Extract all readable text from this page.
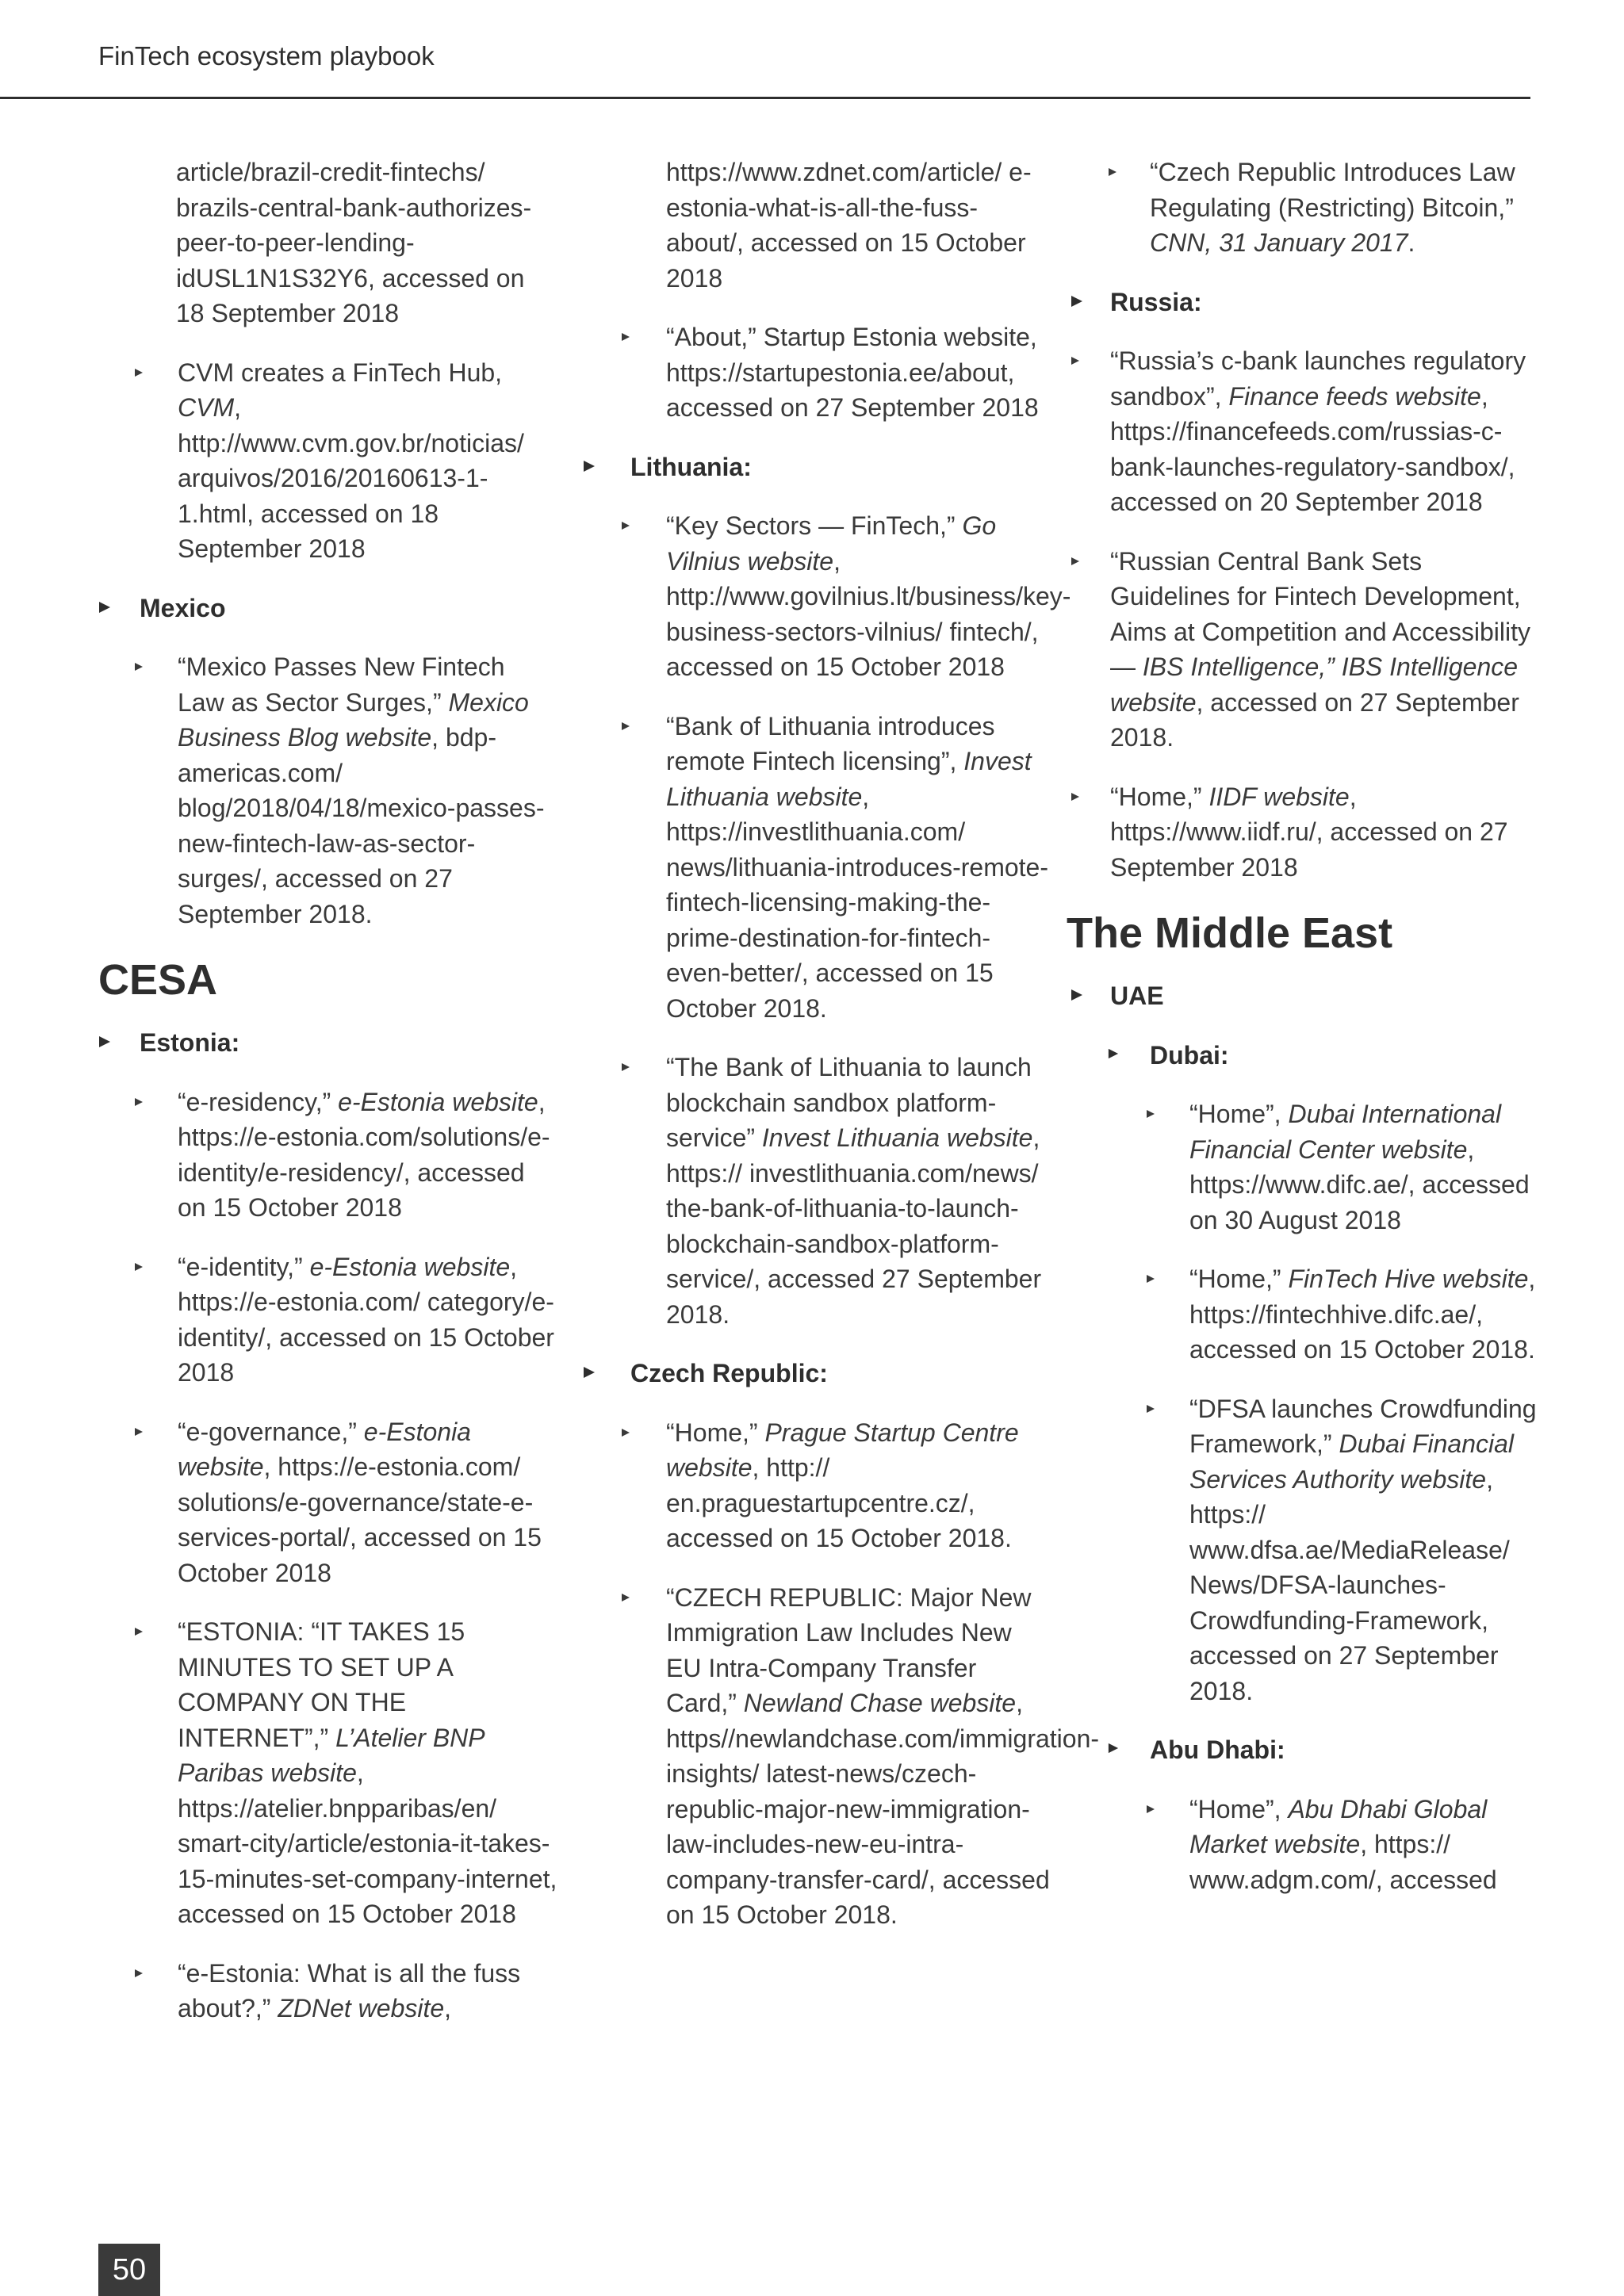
FinTech ecosystem playbook
article/brazil-credit-fintechs/ brazils-central-bank-authorizes-peer-to-peer-lending-idUSL1N1S32Y6, accessed on 18 September 2018
CVM creates a FinTech Hub, CVM, http://www.cvm.gov.br/noticias/ arquivos/2016/20160613-1-1.html, accessed on 18 September 2018
Mexico
“Mexico Passes New Fintech Law as Sector Surges,” Mexico Business Blog website, bdp-americas.com/ blog/2018/04/18/mexico-passes-new-fintech-law-as-sector-surges/, accessed on 27 September 2018.
CESA
Estonia:
“e-residency,” e-Estonia website, https://e-estonia.com/solutions/e-identity/e-residency/, accessed on 15 October 2018
“e-identity,” e-Estonia website, https://e-estonia.com/ category/e-identity/, accessed on 15 October 2018
“e-governance,” e-Estonia website, https://e-estonia.com/ solutions/e-governance/state-e-services-portal/, accessed on 15 October 2018
“ESTONIA: “IT TAKES 15 MINUTES TO SET UP A COMPANY ON THE INTERNET”,” L’Atelier BNP Paribas website, https://atelier.bnpparibas/en/ smart-city/article/estonia-it-takes-15-minutes-set-company-internet, accessed on 15 October 2018
“e-Estonia: What is all the fuss about?,” ZDNet website,
https://www.zdnet.com/article/ e-estonia-what-is-all-the-fuss-about/, accessed on 15 October 2018
“About,” Startup Estonia website, https://startupestonia.ee/about, accessed on 27 September 2018
Lithuania:
“Key Sectors — FinTech,” Go Vilnius website, http://www.govilnius.lt/business/key-business-sectors-vilnius/ fintech/, accessed on 15 October 2018
“Bank of Lithuania introduces remote Fintech licensing”, Invest Lithuania website, https://investlithuania.com/ news/lithuania-introduces-remote-fintech-licensing-making-the-prime-destination-for-fintech-even-better/, accessed on 15 October 2018.
“The Bank of Lithuania to launch blockchain sandbox platform-service” Invest Lithuania website, https:// investlithuania.com/news/ the-bank-of-lithuania-to-launch-blockchain-sandbox-platform-service/, accessed 27 September 2018.
Czech Republic:
“Home,” Prague Startup Centre website, http:// en.praguestartupcentre.cz/, accessed on 15 October 2018.
“CZECH REPUBLIC: Major New Immigration Law Includes New EU Intra-Company Transfer Card,” Newland Chase website, https//newlandchase.com/immigration-insights/ latest-news/czech-republic-major-new-immigration-law-includes-new-eu-intra-company-transfer-card/, accessed on 15 October 2018.
“Czech Republic Introduces Law Regulating (Restricting) Bitcoin,” CNN, 31 January 2017.
Russia:
“Russia’s c-bank launches regulatory sandbox”, Finance feeds website, https://financefeeds.com/russias-c-bank-launches-regulatory-sandbox/, accessed on 20 September 2018
“Russian Central Bank Sets Guidelines for Fintech Development, Aims at Competition and Accessibility — IBS Intelligence,” IBS Intelligence website, accessed on 27 September 2018.
“Home,” IIDF website, https://www.iidf.ru/, accessed on 27 September 2018
The Middle East
UAE
Dubai:
“Home”, Dubai International Financial Center website, https://www.difc.ae/, accessed on 30 August 2018
“Home,” FinTech Hive website, https://fintechhive.difc.ae/, accessed on 15 October 2018.
“DFSA launches Crowdfunding Framework,” Dubai Financial Services Authority website, https:// www.dfsa.ae/MediaRelease/ News/DFSA-launches-Crowdfunding-Framework, accessed on 27 September 2018.
Abu Dhabi:
“Home”, Abu Dhabi Global Market website, https:// www.adgm.com/, accessed
50
